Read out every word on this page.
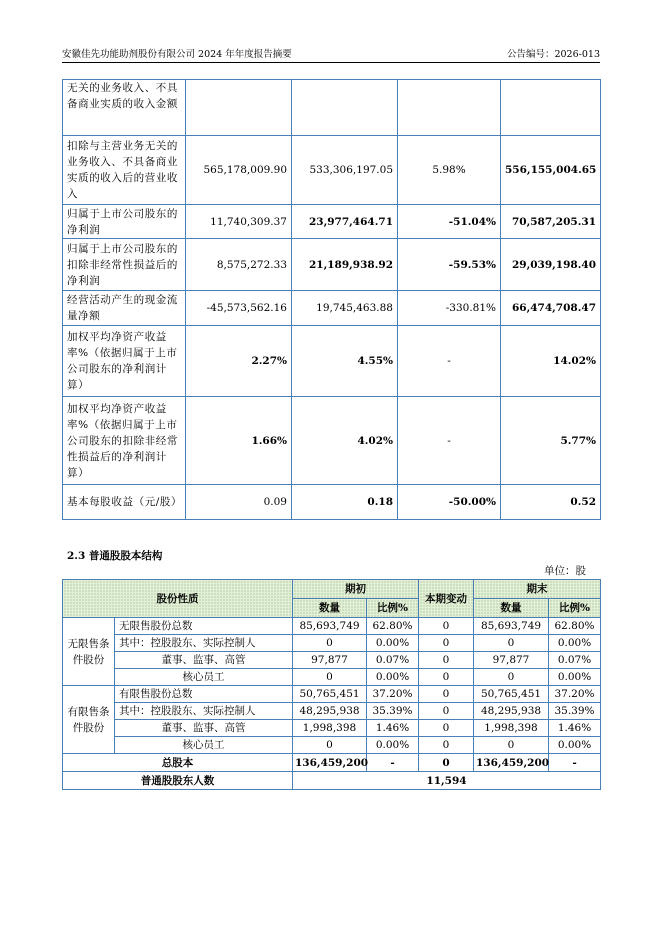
安徽佳先功能助剂股份有限公司 2024 年年度报告摘要	公告编号：2026-013
无关的业务收入、不具备商业实质的收入金额				
扣除与主营业务无关的业务收入、不具备商业实质的收入后的营业收入	565,178,009.90	533,306,197.05	5.98%	556,155,004.65
归属于上市公司股东的净利润	11,740,309.37	23,977,464.71	-51.04%	70,587,205.31
归属于上市公司股东的扣除非经常性损益后的净利润	8,575,272.33	21,189,938.92	-59.53%	29,039,198.40
经营活动产生的现金流量净额	-45,573,562.16	19,745,463.88	-330.81%	66,474,708.47
加权平均净资产收益率%（依据归属于上市公司股东的净利润计算）	2.27%	4.55%	-	14.02%
加权平均净资产收益率%（依据归属于上市公司股东的扣除非经常性损益后的净利润计算）	1.66%	4.02%	-	5.77%
基本每股收益（元/股）	0.09	0.18	-50.00%	0.52
2.3 普通股股本结构
单位：股
股份性质		期初		本期变动	期末	
		数量	比例%		数量	比例%
无限售条件股份	无限售股份总数	85,693,749	62.80%	0	85,693,749	62.80%
	其中：控股股东、实际控制人	0	0.00%	0	0	0.00%
	董事、监事、高管	97,877	0.07%	0	97,877	0.07%
	核心员工	0	0.00%	0	0	0.00%
有限售条件股份	有限售股份总数	50,765,451	37.20%	0	50,765,451	37.20%
	其中：控股股东、实际控制人	48,295,938	35.39%	0	48,295,938	35.39%
	董事、监事、高管	1,998,398	1.46%	0	1,998,398	1.46%
	核心员工	0	0.00%	0	0	0.00%
总股本		136,459,200	-	0	136,459,200	-
普通股股东人数		11,594				
